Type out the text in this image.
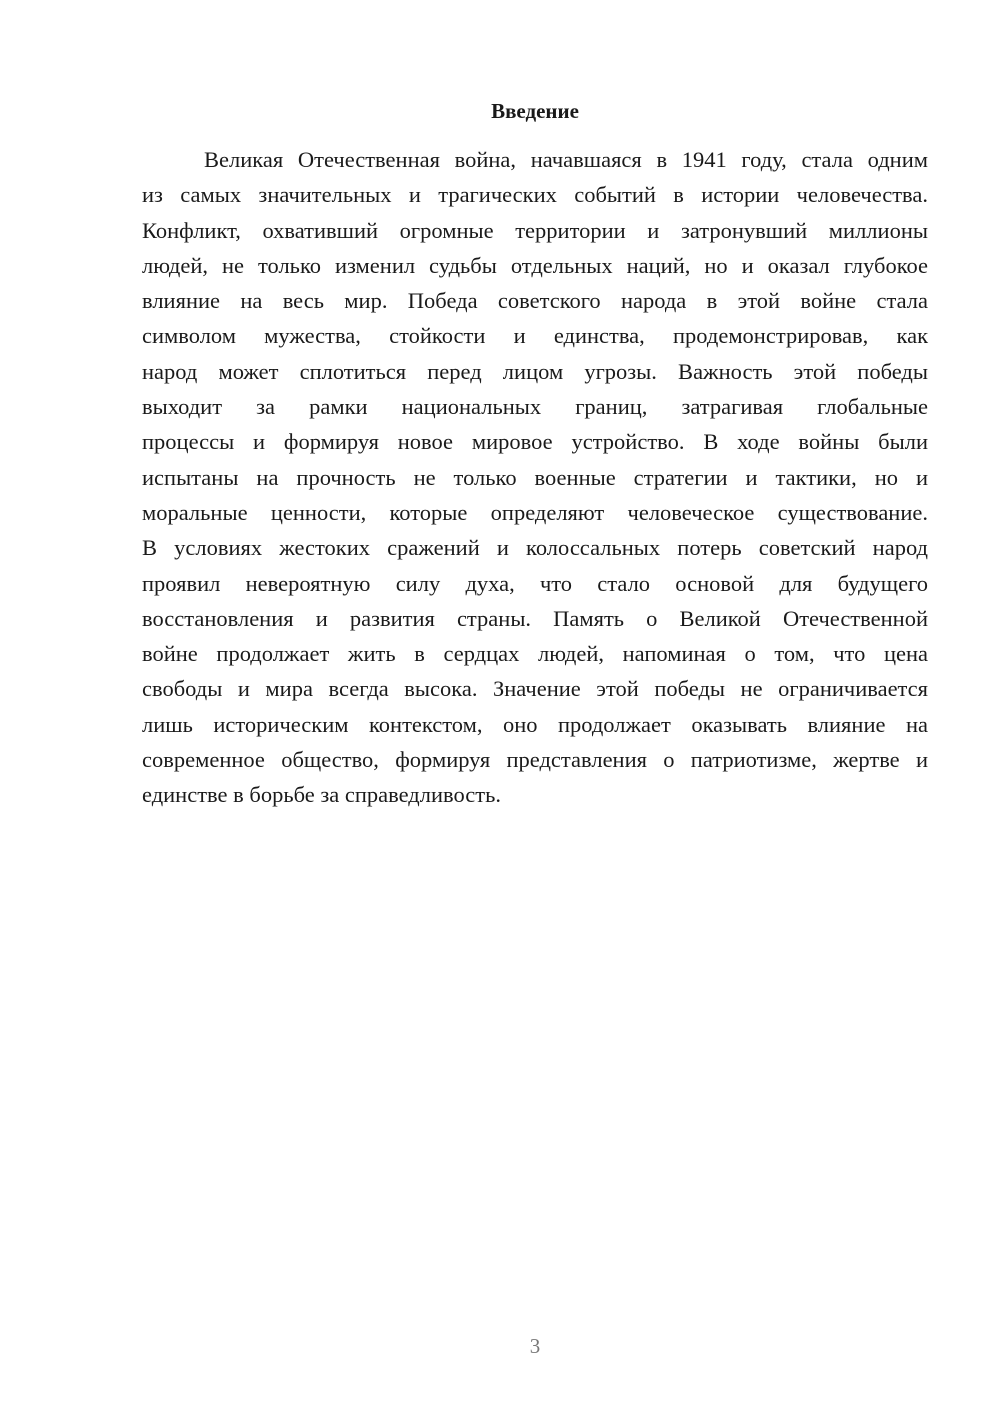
Введение
Великая Отечественная война, начавшаяся в 1941 году, стала одним
из самых значительных и трагических событий в истории человечества.
Конфликт, охвативший огромные территории и затронувший миллионы
людей, не только изменил судьбы отдельных наций, но и оказал глубокое
влияние на весь мир. Победа советского народа в этой войне стала
символом мужества, стойкости и единства, продемонстрировав, как
народ может сплотиться перед лицом угрозы. Важность этой победы
выходит за рамки национальных границ, затрагивая глобальные
процессы и формируя новое мировое устройство. В ходе войны были
испытаны на прочность не только военные стратегии и тактики, но и
моральные ценности, которые определяют человеческое существование.
В условиях жестоких сражений и колоссальных потерь советский народ
проявил невероятную силу духа, что стало основой для будущего
восстановления и развития страны. Память о Великой Отечественной
войне продолжает жить в сердцах людей, напоминая о том, что цена
свободы и мира всегда высока. Значение этой победы не ограничивается
лишь историческим контекстом, оно продолжает оказывать влияние на
современное общество, формируя представления о патриотизме, жертве и
единстве в борьбе за справедливость.
3
